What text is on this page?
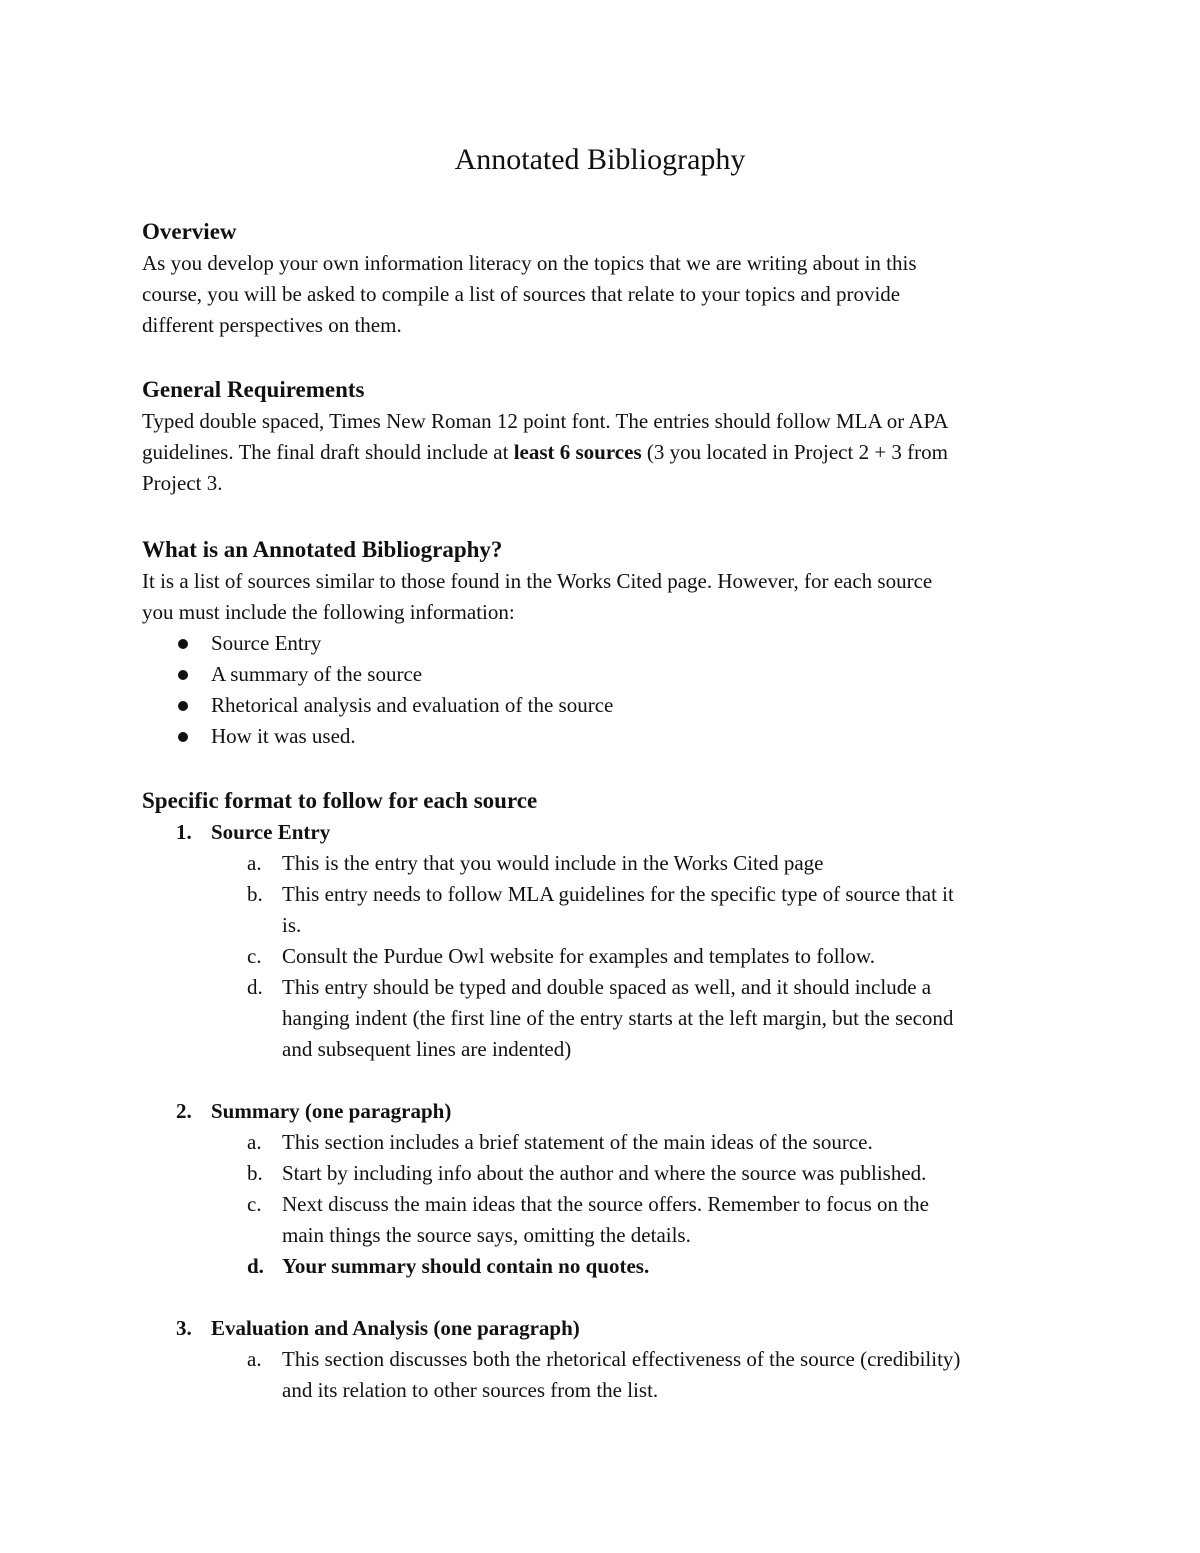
Annotated Bibliography

Overview

As you develop your own information literacy on the topics that we are writing about in this

course, you will be asked to compile a list of sources that relate to your topics and provide

different perspectives on them.

General Requirements

Typed double spaced, Times New Roman 12 point font. The entries should follow MLA or APA

guidelines. The final draft should include at least 6 sources (3 you located in Project 2 + 3 from

Project 3.

What is an Annotated Bibliography?

It is a list of sources similar to those found in the Works Cited page. However, for each source

you must include the following information:

Source Entry
A summary of the source
Rhetorical analysis and evaluation of the source
How it was used.

Specific format to follow for each source

1. Source Entry
a. This is the entry that you would include in the Works Cited page
b. This entry needs to follow MLA guidelines for the specific type of source that it
is.
c. Consult the Purdue Owl website for examples and templates to follow.
d. This entry should be typed and double spaced as well, and it should include a
hanging indent (the first line of the entry starts at the left margin, but the second
and subsequent lines are indented)
2. Summary (one paragraph)
a. This section includes a brief statement of the main ideas of the source.
b. Start by including info about the author and where the source was published.
c. Next discuss the main ideas that the source offers. Remember to focus on the
main things the source says, omitting the details.
d. Your summary should contain no quotes.
3. Evaluation and Analysis (one paragraph)
a. This section discusses both the rhetorical effectiveness of the source (credibility)
and its relation to other sources from the list.
